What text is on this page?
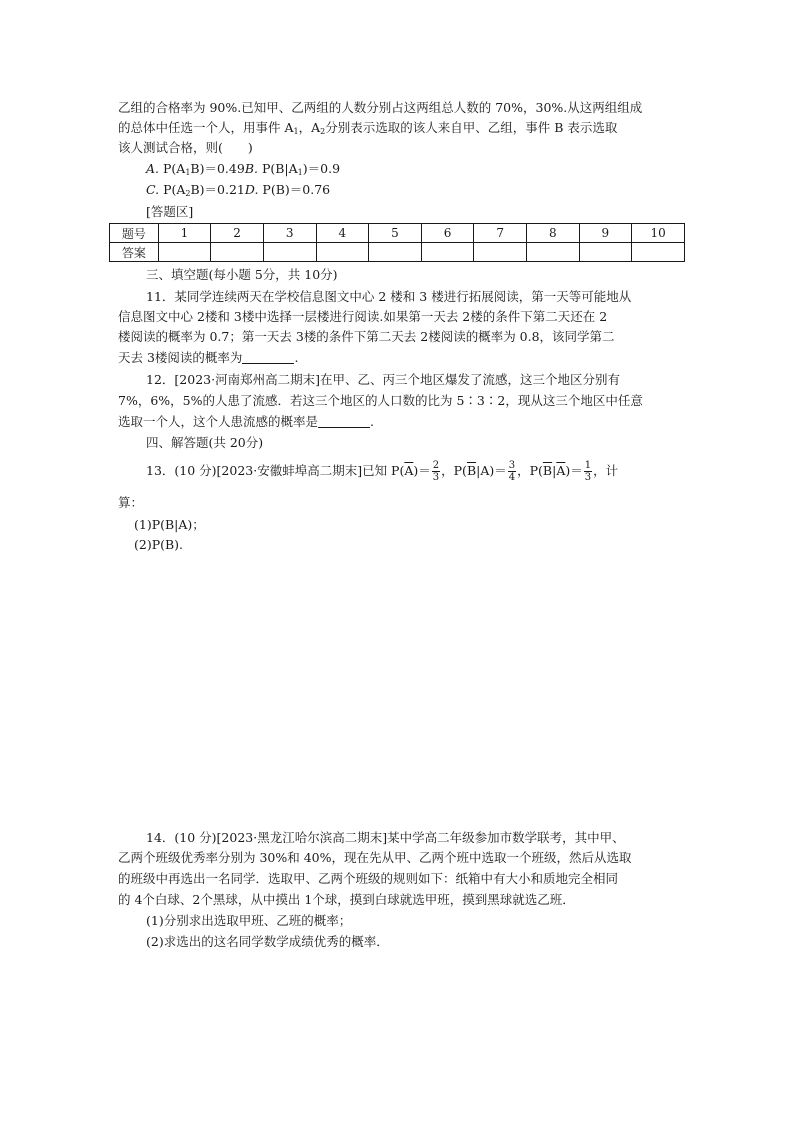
乙组的合格率为 90%.已知甲、乙两组的人数分别占这两组总人数的 70%，30%.从这两组组成
的总体中任选一个人，用事件 $A_1$，$A_2$分别表示选取的该人来自甲、乙组，事件 B 表示选取
该人测试合格，则(　　)
A. $P(A_1B)=0.49B$. $P(B|A_1)=0.9$
C. $P(A_2B)=0.21D$. P(B)＝0.76
[答题区]
题号	1	2	3	4	5	6	7	8	9	10
答案										
三、填空题(每小题 5分，共 10分)
11．某同学连续两天在学校信息图文中心 2 楼和 3 楼进行拓展阅读，第一天等可能地从
信息图文中心 2楼和 3楼中选择一层楼进行阅读.如果第一天去 2楼的条件下第二天还在 2
楼阅读的概率为 0.7；第一天去 3楼的条件下第二天去 2楼阅读的概率为 0.8，该同学第二
天去 3楼阅读的概率为	.
12．[2023·河南郑州高二期末]在甲、乙、丙三个地区爆发了流感，这三个地区分别有
7%，6%，5%的人患了流感．若这三个地区的人口数的比为 5∶3∶2，现从这三个地区中任意
选取一个人，这个人患流感的概率是	.
四、解答题(共 20分)
13．(10 分)[2023·安徽蚌埠高二期末]已知 $P(\overline{A})= \frac{2}{3}$ ，$P(\overline{B}|A)= \frac{3}{4}$ ，$P(\overline{B}|\overline{A})= \frac{1}{3}$ ，计
算：
(1)P(B|A)；
(2)P(B).
14．(10 分)[2023·黑龙江哈尔滨高二期末]某中学高二年级参加市数学联考，其中甲、
乙两个班级优秀率分别为 30%和 40%，现在先从甲、乙两个班中选取一个班级，然后从选取
的班级中再选出一名同学．选取甲、乙两个班级的规则如下：纸箱中有大小和质地完全相同
的 4个白球、2个黑球，从中摸出 1个球，摸到白球就选甲班，摸到黑球就选乙班．
(1)分别求出选取甲班、乙班的概率；
(2)求选出的这名同学数学成绩优秀的概率．
